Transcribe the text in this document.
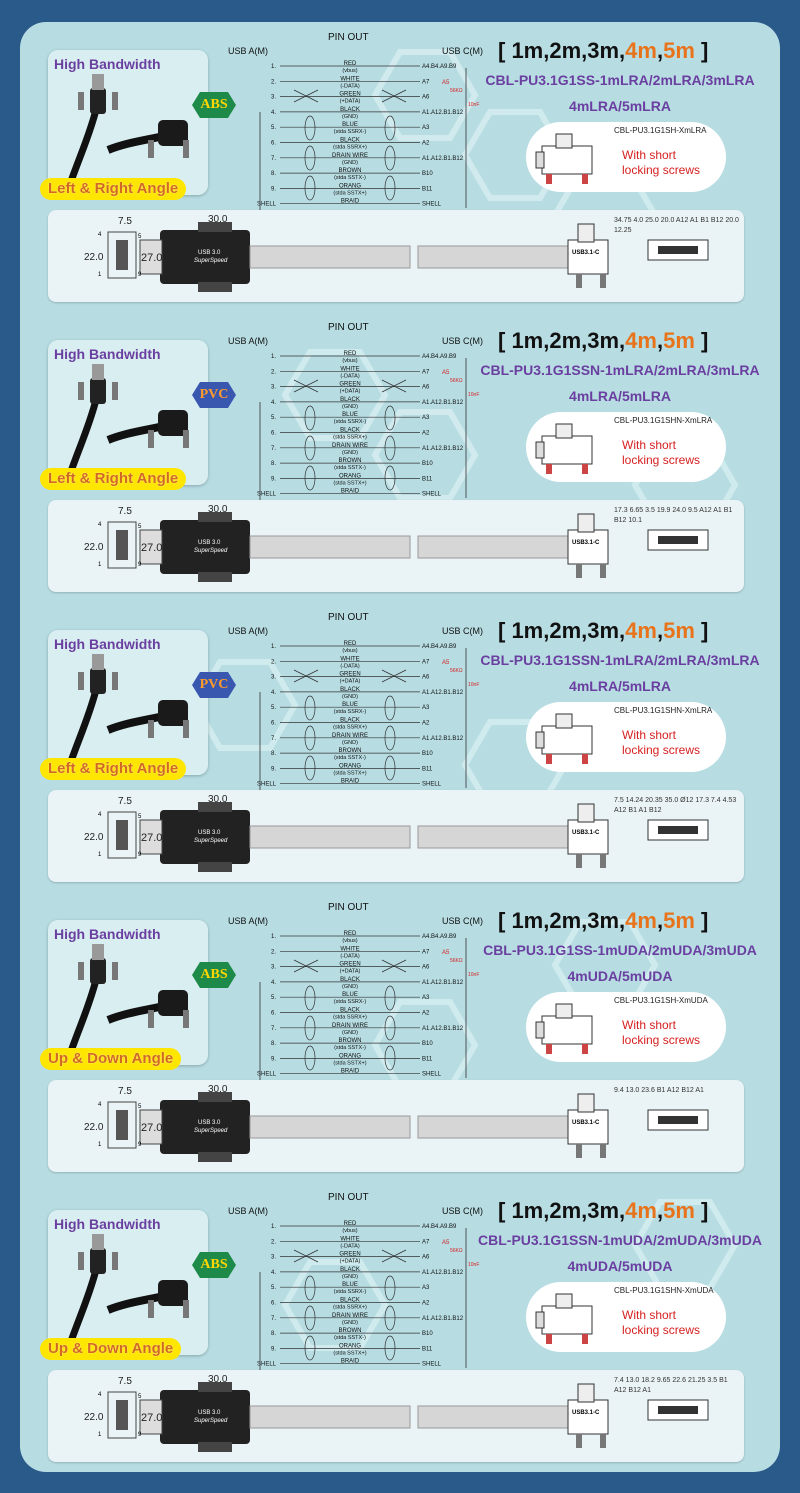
High Bandwidth
ABS
Left & Right Angle
PIN OUT
USB A(M)	USB C(M)
1.	RED
(vbus)
A4.B4.A9.B9
2.	WHITE
(-DATA)
A7
3.	GREEN
(+DATA)
A6
4.	BLACK
(GND)
A1.A12.B1.B12
5.	BLUE
(stda SSRX-)
A3
6.	BLACK
(stda SSRX+)
A2
7.	DRAIN WIRE
(GND)
A1.A12.B1.B12
8.	BROWN
(stda SSTX-)
B10
9.	ORANG
(stda SSTX+)
B11
SHELL	BRAID	SHELL
A5
56KΩ
10nF
[ 1m,2m,3m,4m,5m ]
CBL-PU3.1G1SS-1mLRA/2mLRA/3mLRA
4mLRA/5mLRA
CBL-PU3.1G1SH-XmLRA
With short
locking screws
7.5	30.0
22.0	27.0	USB 3.0
SuperSpeed
4	5
1	9
USB3.1-C
34.75 4.0 25.0 20.0 A12 A1 B1 B12 20.0 12.25
High Bandwidth
PVC
Left & Right Angle
PIN OUT
USB A(M)	USB C(M)
1.	RED
(vbus)
A4.B4.A9.B9
2.	WHITE
(-DATA)
A7
3.	GREEN
(+DATA)
A6
4.	BLACK
(GND)
A1.A12.B1.B12
5.	BLUE
(stda SSRX-)
A3
6.	BLACK
(stda SSRX+)
A2
7.	DRAIN WIRE
(GND)
A1.A12.B1.B12
8.	BROWN
(stda SSTX-)
B10
9.	ORANG
(stda SSTX+)
B11
SHELL	BRAID	SHELL
A5
56KΩ
10nF
[ 1m,2m,3m,4m,5m ]
CBL-PU3.1G1SSN-1mLRA/2mLRA/3mLRA
4mLRA/5mLRA
CBL-PU3.1G1SHN-XmLRA
With short
locking screws
7.5	30.0
22.0	27.0	USB 3.0
SuperSpeed
4	5
1	9
USB3.1-C
17.3 6.65 3.5 19.9 24.0 9.5 A12 A1 B1 B12 10.1
High Bandwidth
PVC
Left & Right Angle
PIN OUT
USB A(M)	USB C(M)
1.	RED
(vbus)
A4.B4.A9.B9
2.	WHITE
(-DATA)
A7
3.	GREEN
(+DATA)
A6
4.	BLACK
(GND)
A1.A12.B1.B12
5.	BLUE
(stda SSRX-)
A3
6.	BLACK
(stda SSRX+)
A2
7.	DRAIN WIRE
(GND)
A1.A12.B1.B12
8.	BROWN
(stda SSTX-)
B10
9.	ORANG
(stda SSTX+)
B11
SHELL	BRAID	SHELL
A5
56KΩ
10nF
[ 1m,2m,3m,4m,5m ]
CBL-PU3.1G1SSN-1mLRA/2mLRA/3mLRA
4mLRA/5mLRA
CBL-PU3.1G1SHN-XmLRA
With short
locking screws
7.5	30.0
22.0	27.0	USB 3.0
SuperSpeed
4	5
1	9
USB3.1-C
7.5 14.24 20.35 35.0 Ø12 17.3 7.4 4.53 A12 B1 A1 B12
High Bandwidth
ABS
Up & Down Angle
PIN OUT
USB A(M)	USB C(M)
1.	RED
(vbus)
A4.B4.A9.B9
2.	WHITE
(-DATA)
A7
3.	GREEN
(+DATA)
A6
4.	BLACK
(GND)
A1.A12.B1.B12
5.	BLUE
(stda SSRX-)
A3
6.	BLACK
(stda SSRX+)
A2
7.	DRAIN WIRE
(GND)
A1.A12.B1.B12
8.	BROWN
(stda SSTX-)
B10
9.	ORANG
(stda SSTX+)
B11
SHELL	BRAID	SHELL
A5
56KΩ
10nF
[ 1m,2m,3m,4m,5m ]
CBL-PU3.1G1SS-1mUDA/2mUDA/3mUDA
4mUDA/5mUDA
CBL-PU3.1G1SH-XmUDA
With short
locking screws
7.5	30.0
22.0	27.0	USB 3.0
SuperSpeed
4	5
1	9
USB3.1-C
9.4 13.0 23.6 B1 A12 B12 A1
High Bandwidth
ABS
Up & Down Angle
PIN OUT
USB A(M)	USB C(M)
1.	RED
(vbus)
A4.B4.A9.B9
2.	WHITE
(-DATA)
A7
3.	GREEN
(+DATA)
A6
4.	BLACK
(GND)
A1.A12.B1.B12
5.	BLUE
(stda SSRX-)
A3
6.	BLACK
(stda SSRX+)
A2
7.	DRAIN WIRE
(GND)
A1.A12.B1.B12
8.	BROWN
(stda SSTX-)
B10
9.	ORANG
(stda SSTX+)
B11
SHELL	BRAID	SHELL
A5
56KΩ
10nF
[ 1m,2m,3m,4m,5m ]
CBL-PU3.1G1SSN-1mUDA/2mUDA/3mUDA
4mUDA/5mUDA
CBL-PU3.1G1SHN-XmUDA
With short
locking screws
7.5	30.0
22.0	27.0	USB 3.0
SuperSpeed
4	5
1	9
USB3.1-C
7.4 13.0 18.2 9.65 22.6 21.25 3.5 B1 A12 B12 A1
